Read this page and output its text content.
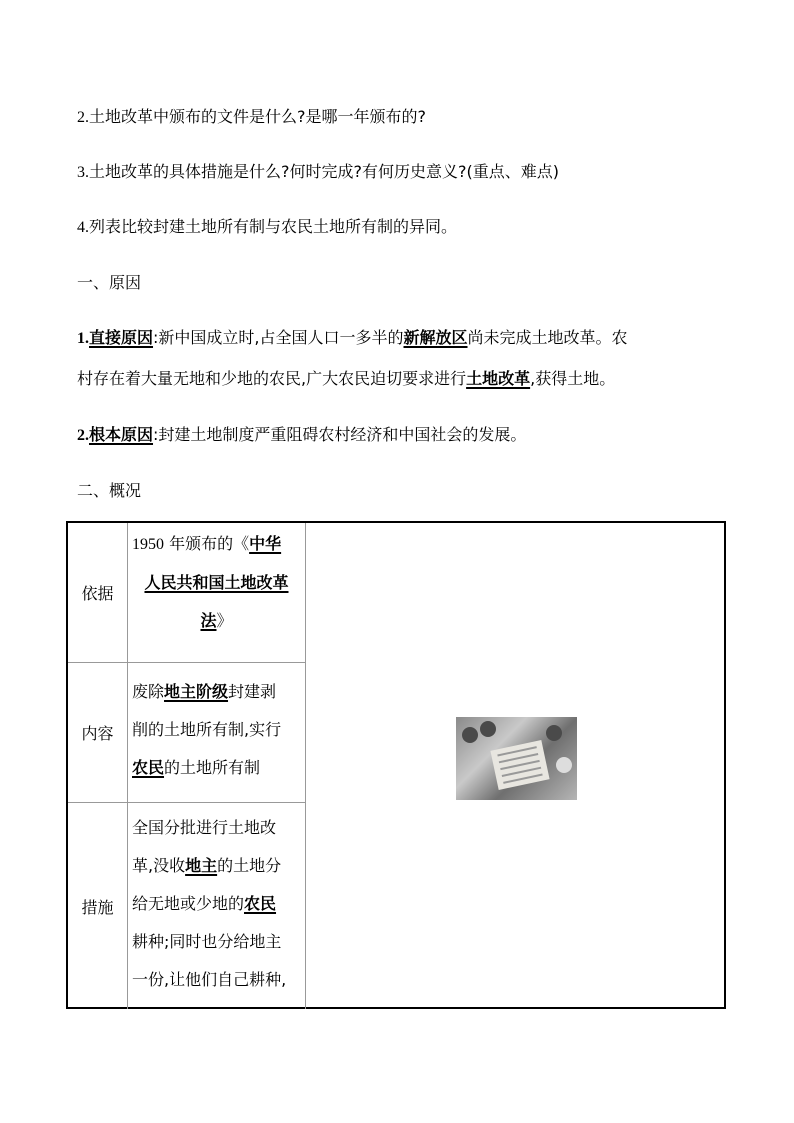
2.土地改革中颁布的文件是什么?是哪一年颁布的?
3.土地改革的具体措施是什么?何时完成?有何历史意义?(重点、难点)
4.列表比较封建土地所有制与农民土地所有制的异同。
一、原因
1.直接原因:新中国成立时,占全国人口一多半的新解放区尚未完成土地改革。农
村存在着大量无地和少地的农民,广大农民迫切要求进行土地改革,获得土地。
2.根本原因:封建土地制度严重阻碍农村经济和中国社会的发展。
二、概况
依据
1950 年颁布的《中华
人民共和国土地改革
法》
内容
废除地主阶级封建剥
削的土地所有制,实行
农民的土地所有制
措施
全国分批进行土地改
革,没收地主的土地分
给无地或少地的农民
耕种;同时也分给地主
一份,让他们自己耕种,
